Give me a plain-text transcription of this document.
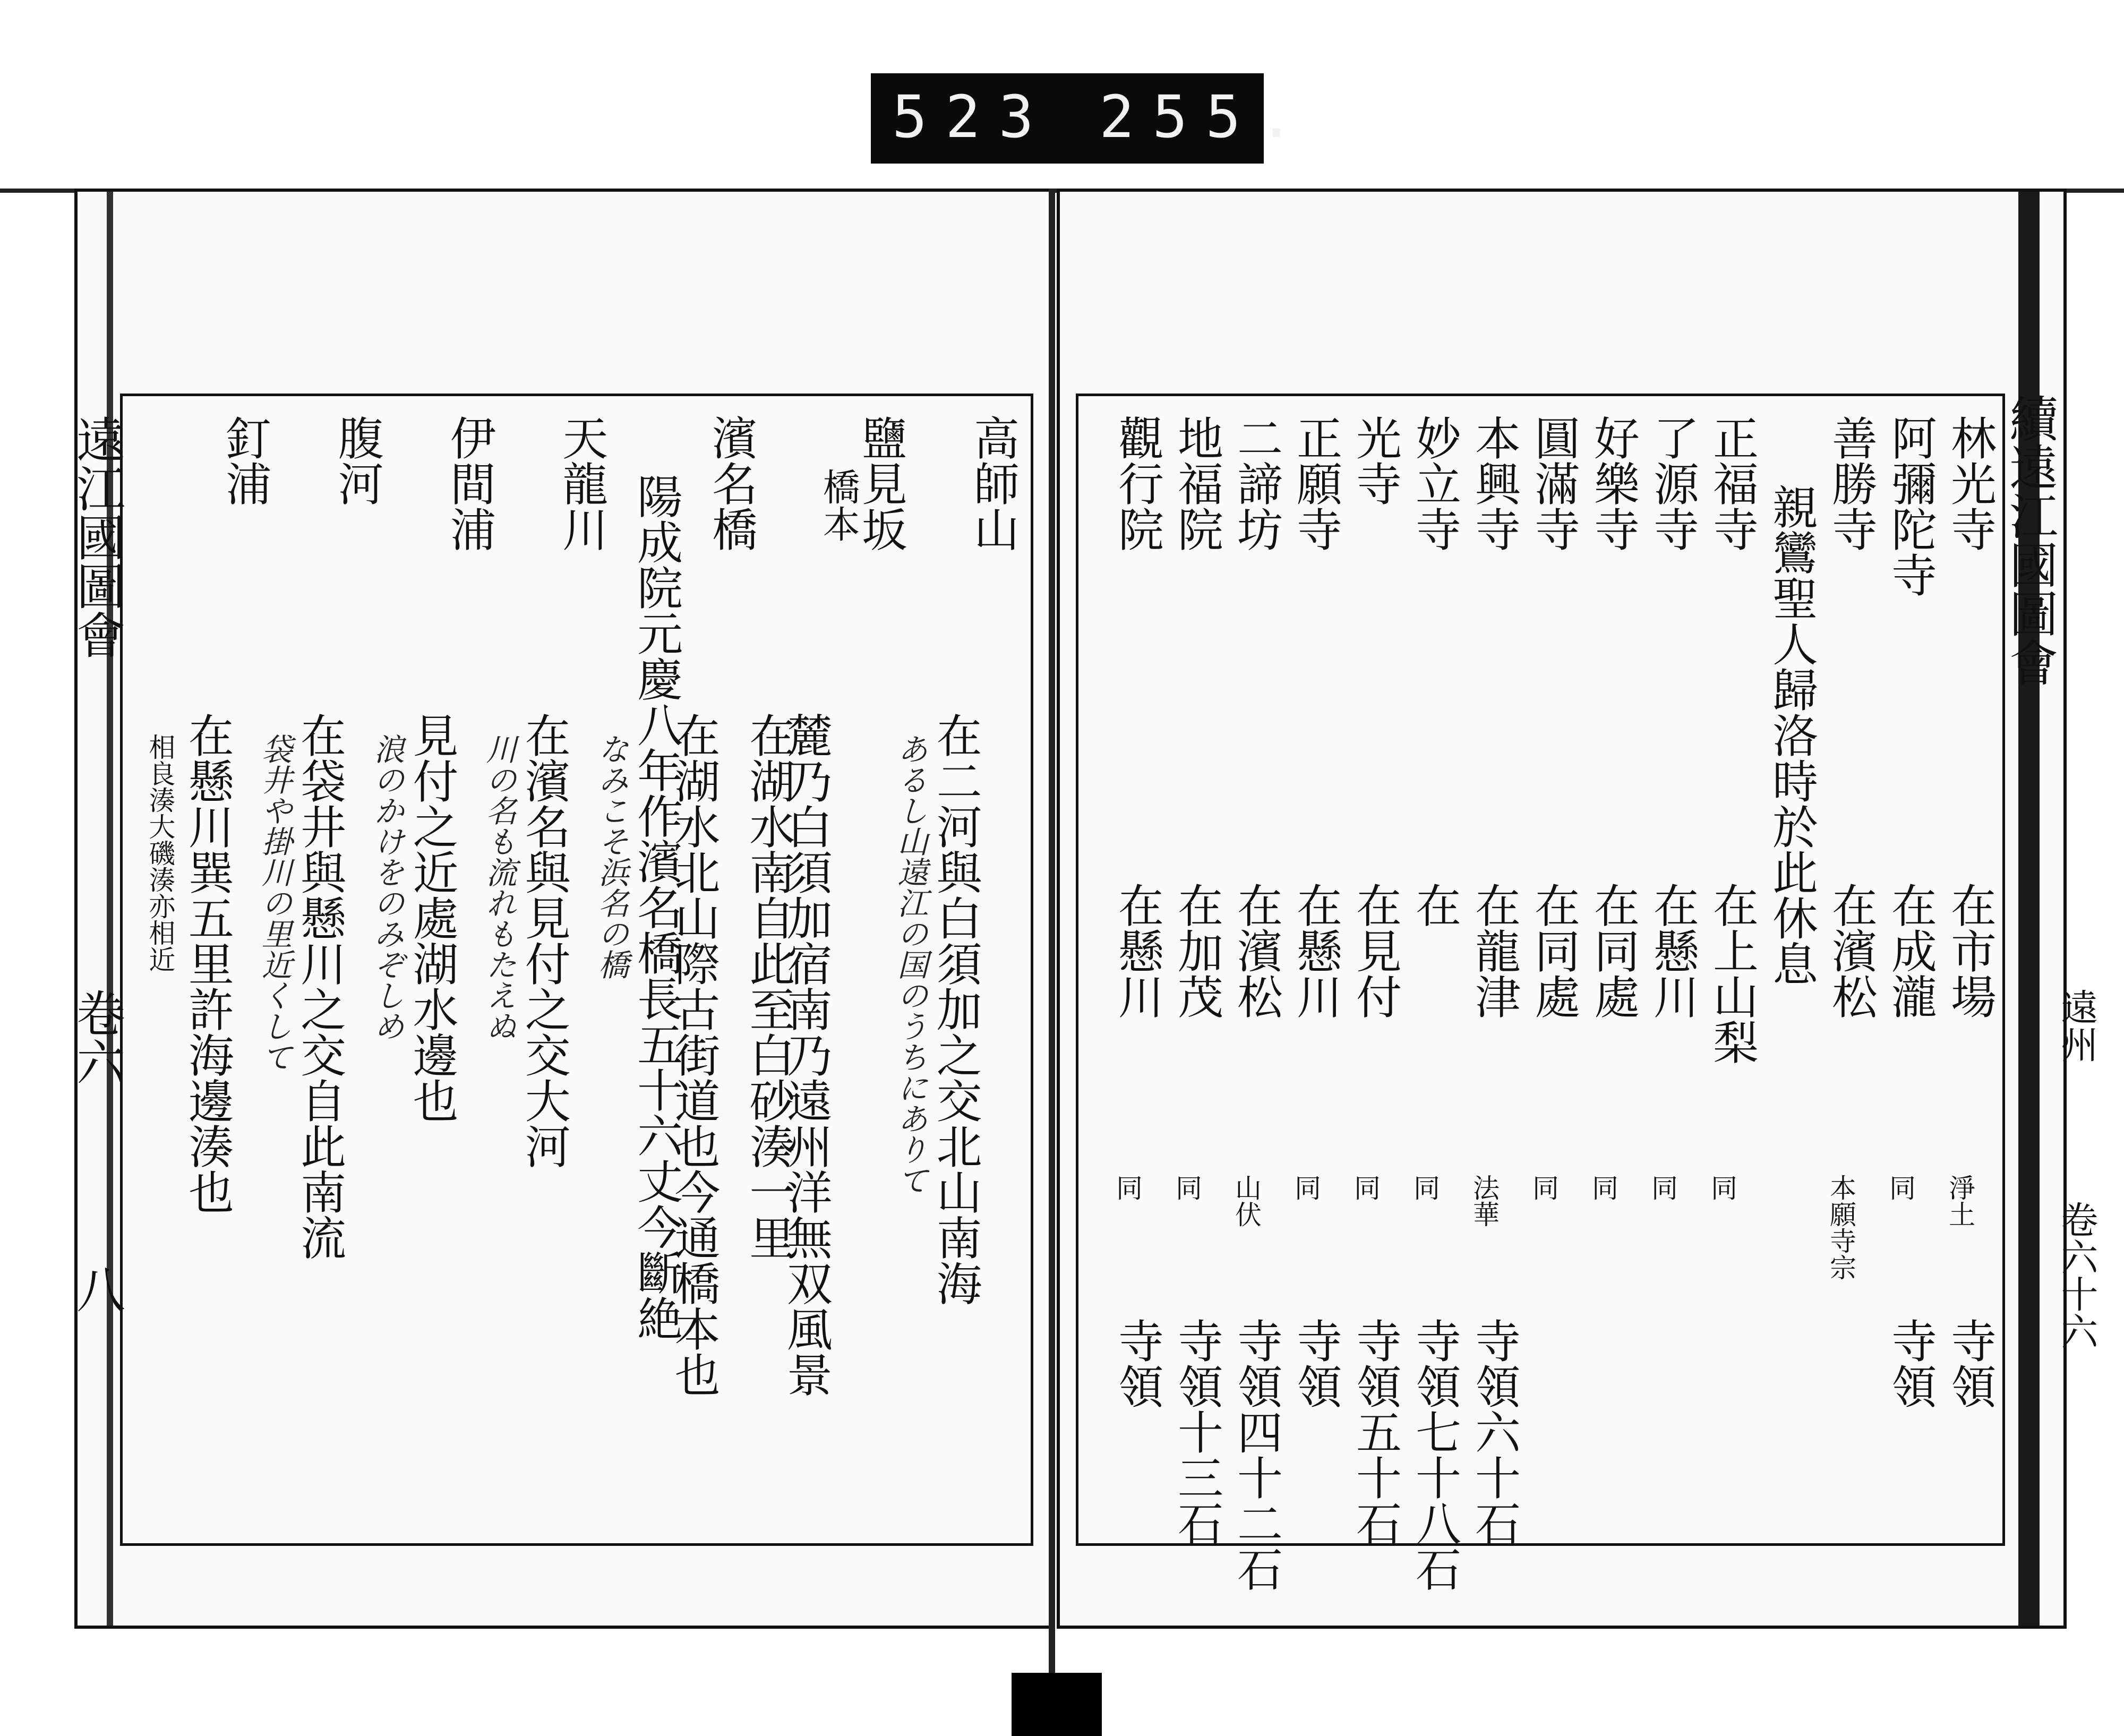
523 255.
遠江國圖會
卷六
八
高師山
在二河與白須加之交北山南海
あるし山遠江の国のうちにありて
鹽見坂
橋本
麓乃白須加宿南乃遠州洋無双風景
在湖水南自此至白砂湊一里
濱名橋
在湖水北山際古街道也今通橋本也
陽成院元慶八年作濱名橋長五十六丈今斷絶
なみこそ浜名の橋
天龍川
在濱名與見付之交大河
川の名も流れもたえぬ
伊間浦
見付之近處湖水邊也
浪のかけをのみぞしめ
腹河
在袋井與懸川之交自此南流
袋井や掛川の里近くして
釘浦
在懸川巽五里許海邊湊也
相良湊大磯湊亦相近
續遠江國圖會
遠州
卷六十六
林光寺
在市場
淨土
寺領
阿彌陀寺
在成瀧
同
寺領
善勝寺
在濱松
本願寺宗
親鸞聖人歸洛時於此休息
正福寺
在上山梨
同
了源寺
在懸川
同
好樂寺
在同處
同
圓滿寺
在同處
同
本興寺
在龍津
法華
寺領六十石
妙立寺
在
同
寺領七十八石
光寺
在見付
同
寺領五十石
正願寺
在懸川
同
寺領
二諦坊
在濱松
山伏
寺領四十二石
地福院
在加茂
同
寺領十三石
觀行院
在懸川
同
寺領
